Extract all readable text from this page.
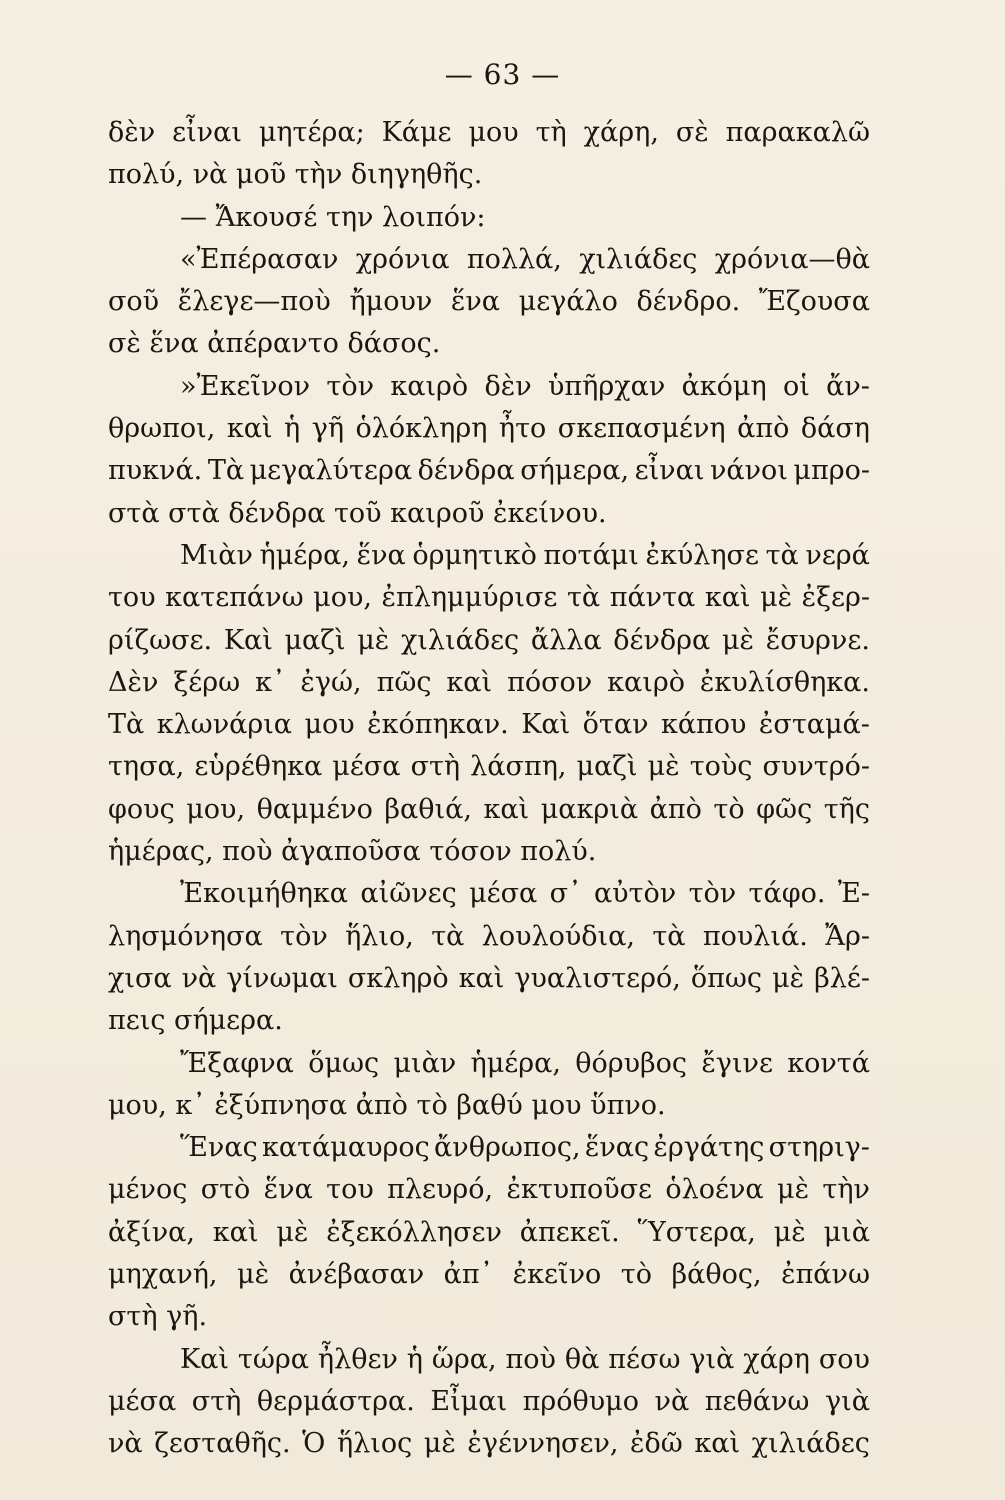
— 63 —
δὲν εἶναι μητέρα; Κάμε μου τὴ χάρη, σὲ παρακαλῶ
πολύ, νὰ μοῦ τὴν διηγηθῆς.
— Ἄκουσέ την λοιπόν:
«Ἐπέρασαν χρόνια πολλά, χιλιάδες χρόνια—θὰ
σοῦ ἔλεγε—ποὺ ἤμουν ἕνα μεγάλο δένδρο. Ἔζουσα
σὲ ἕνα ἀπέραντο δάσος.
»Ἐκεῖνον τὸν καιρὸ δὲν ὑπῆρχαν ἀκόμη οἱ ἄν-
θρωποι, καὶ ἡ γῆ ὁλόκληρη ἦτο σκεπασμένη ἀπὸ δάση
πυκνά. Τὰ μεγαλύτερα δένδρα σήμερα, εἶναι νάνοι μπρο-
στὰ στὰ δένδρα τοῦ καιροῦ ἐκείνου.
Μιὰν ἡμέρα, ἕνα ὁρμητικὸ ποτάμι ἐκύλησε τὰ νερά
του κατεπάνω μου, ἐπλημμύρισε τὰ πάντα καὶ μὲ ἐξερ-
ρίζωσε. Καὶ μαζὶ μὲ χιλιάδες ἄλλα δένδρα μὲ ἔσυρνε.
Δὲν ξέρω κ᾽ ἐγώ, πῶς καὶ πόσον καιρὸ ἐκυλίσθηκα.
Τὰ κλωνάρια μου ἐκόπηκαν. Καὶ ὅταν κάπου ἐσταμά-
τησα, εὑρέθηκα μέσα στὴ λάσπη, μαζὶ μὲ τοὺς συντρό-
φους μου, θαμμένο βαθιά, καὶ μακριὰ ἀπὸ τὸ φῶς τῆς
ἡμέρας, ποὺ ἀγαποῦσα τόσον πολύ.
Ἐκοιμήθηκα αἰῶνες μέσα σ᾽ αὐτὸν τὸν τάφο. Ἐ-
λησμόνησα τὸν ἥλιο, τὰ λουλούδια, τὰ πουλιά. Ἄρ-
χισα νὰ γίνωμαι σκληρὸ καὶ γυαλιστερό, ὅπως μὲ βλέ-
πεις σήμερα.
Ἔξαφνα ὅμως μιὰν ἡμέρα, θόρυβος ἔγινε κοντά
μου, κ᾽ ἐξύπνησα ἀπὸ τὸ βαθύ μου ὕπνο.
Ἕνας κατάμαυρος ἄνθρωπος, ἕνας ἐργάτης στηριγ-
μένος στὸ ἕνα του πλευρό, ἐκτυποῦσε ὁλοένα μὲ τὴν
ἀξίνα, καὶ μὲ ἐξεκόλλησεν ἀπεκεῖ. Ὕστερα, μὲ μιὰ
μηχανή, μὲ ἀνέβασαν ἀπ᾽ ἐκεῖνο τὸ βάθος, ἐπάνω
στὴ γῆ.
Καὶ τώρα ἦλθεν ἡ ὥρα, ποὺ θὰ πέσω γιὰ χάρη σου
μέσα στὴ θερμάστρα. Εἶμαι πρόθυμο νὰ πεθάνω γιὰ
νὰ ζεσταθῆς. Ὁ ἥλιος μὲ ἐγέννησεν, ἐδῶ καὶ χιλιάδες
